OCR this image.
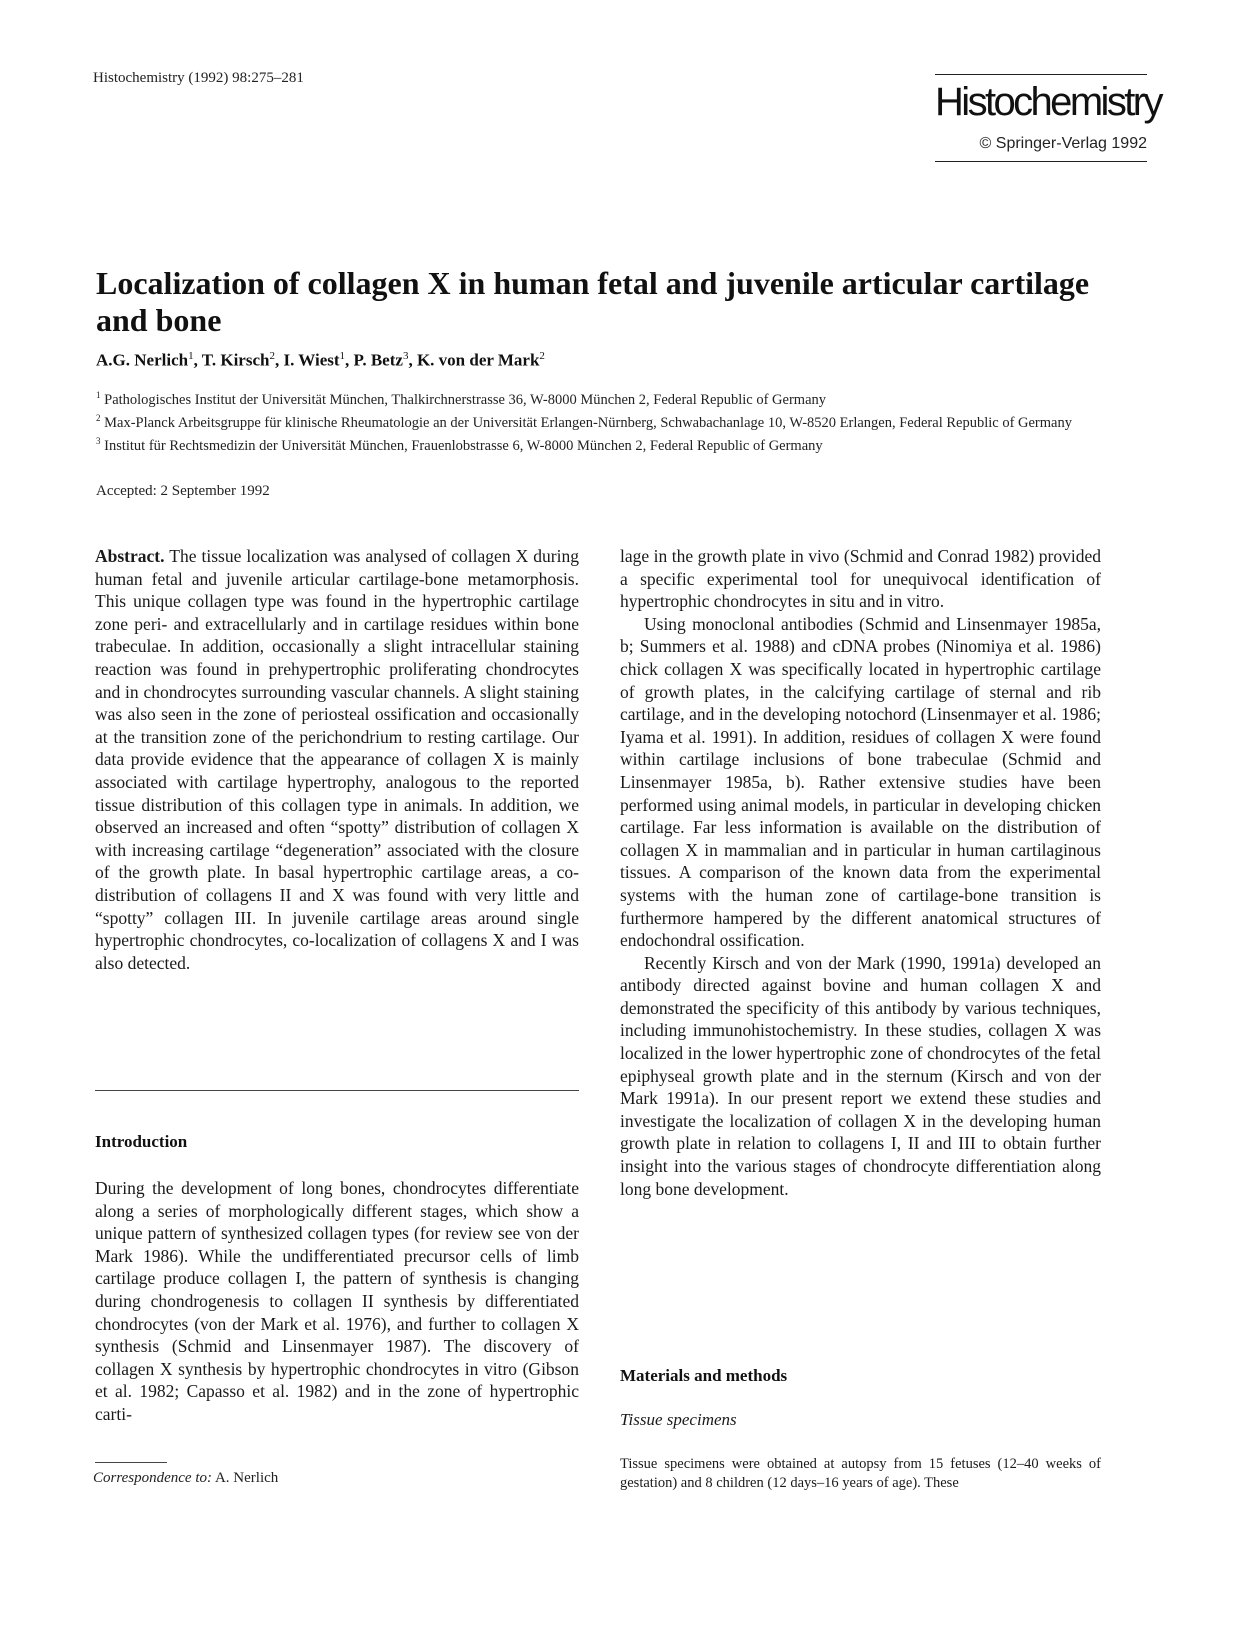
Histochemistry (1992) 98:275–281
Histochemistry
© Springer-Verlag 1992
Localization of collagen X in human fetal and juvenile articular cartilage and bone
A.G. Nerlich$^1$, T. Kirsch$^2$, I. Wiest$^1$, P. Betz$^3$, K. von der Mark$^2$

$^1$ Pathologisches Institut der Universität München, Thalkirchnerstrasse 36, W-8000 München 2, Federal Republic of Germany

$^2$ Max-Planck Arbeitsgruppe für klinische Rheumatologie an der Universität Erlangen-Nürnberg, Schwabachanlage 10, W-8520 Erlangen, Federal Republic of Germany

$^3$ Institut für Rechtsmedizin der Universität München, Frauenlobstrasse 6, W-8000 München 2, Federal Republic of Germany

Accepted: 2 September 1992

Abstract. The tissue localization was analysed of collagen X during human fetal and juvenile articular cartilage-bone metamorphosis. This unique collagen type was found in the hypertrophic cartilage zone peri- and extracellularly and in cartilage residues within bone trabeculae. In addition, occasionally a slight intracellular staining reaction was found in prehypertrophic proliferating chondrocytes and in chondrocytes surrounding vascular channels. A slight staining was also seen in the zone of periosteal ossification and occasionally at the transition zone of the perichondrium to resting cartilage. Our data provide evidence that the appearance of collagen X is mainly associated with cartilage hypertrophy, analogous to the reported tissue distribution of this collagen type in animals. In addition, we observed an increased and often “spotty” distribution of collagen X with increasing cartilage “degeneration” associated with the closure of the growth plate. In basal hypertrophic cartilage areas, a co-distribution of collagens II and X was found with very little and “spotty” collagen III. In juvenile cartilage areas around single hypertrophic chondrocytes, co-localization of collagens X and I was also detected.

Introduction

During the development of long bones, chondrocytes differentiate along a series of morphologically different stages, which show a unique pattern of synthesized collagen types (for review see von der Mark 1986). While the undifferentiated precursor cells of limb cartilage produce collagen I, the pattern of synthesis is changing during chondrogenesis to collagen II synthesis by differentiated chondrocytes (von der Mark et al. 1976), and further to collagen X synthesis (Schmid and Linsenmayer 1987). The discovery of collagen X synthesis by hypertrophic chondrocytes in vitro (Gibson et al. 1982; Capasso et al. 1982) and in the zone of hypertrophic carti-

Correspondence to: A. Nerlich

lage in the growth plate in vivo (Schmid and Conrad 1982) provided a specific experimental tool for unequivocal identification of hypertrophic chondrocytes in situ and in vitro.

Using monoclonal antibodies (Schmid and Linsenmayer 1985a, b; Summers et al. 1988) and cDNA probes (Ninomiya et al. 1986) chick collagen X was specifically located in hypertrophic cartilage of growth plates, in the calcifying cartilage of sternal and rib cartilage, and in the developing notochord (Linsenmayer et al. 1986; Iyama et al. 1991). In addition, residues of collagen X were found within cartilage inclusions of bone trabeculae (Schmid and Linsenmayer 1985a, b). Rather extensive studies have been performed using animal models, in particular in developing chicken cartilage. Far less information is available on the distribution of collagen X in mammalian and in particular in human cartilaginous tissues. A comparison of the known data from the experimental systems with the human zone of cartilage-bone transition is furthermore hampered by the different anatomical structures of endochondral ossification.

Recently Kirsch and von der Mark (1990, 1991a) developed an antibody directed against bovine and human collagen X and demonstrated the specificity of this antibody by various techniques, including immunohistochemistry. In these studies, collagen X was localized in the lower hypertrophic zone of chondrocytes of the fetal epiphyseal growth plate and in the sternum (Kirsch and von der Mark 1991a). In our present report we extend these studies and investigate the localization of collagen X in the developing human growth plate in relation to collagens I, II and III to obtain further insight into the various stages of chondrocyte differentiation along long bone development.

Materials and methods
Tissue specimens

Tissue specimens were obtained at autopsy from 15 fetuses (12–40 weeks of gestation) and 8 children (12 days–16 years of age). These
